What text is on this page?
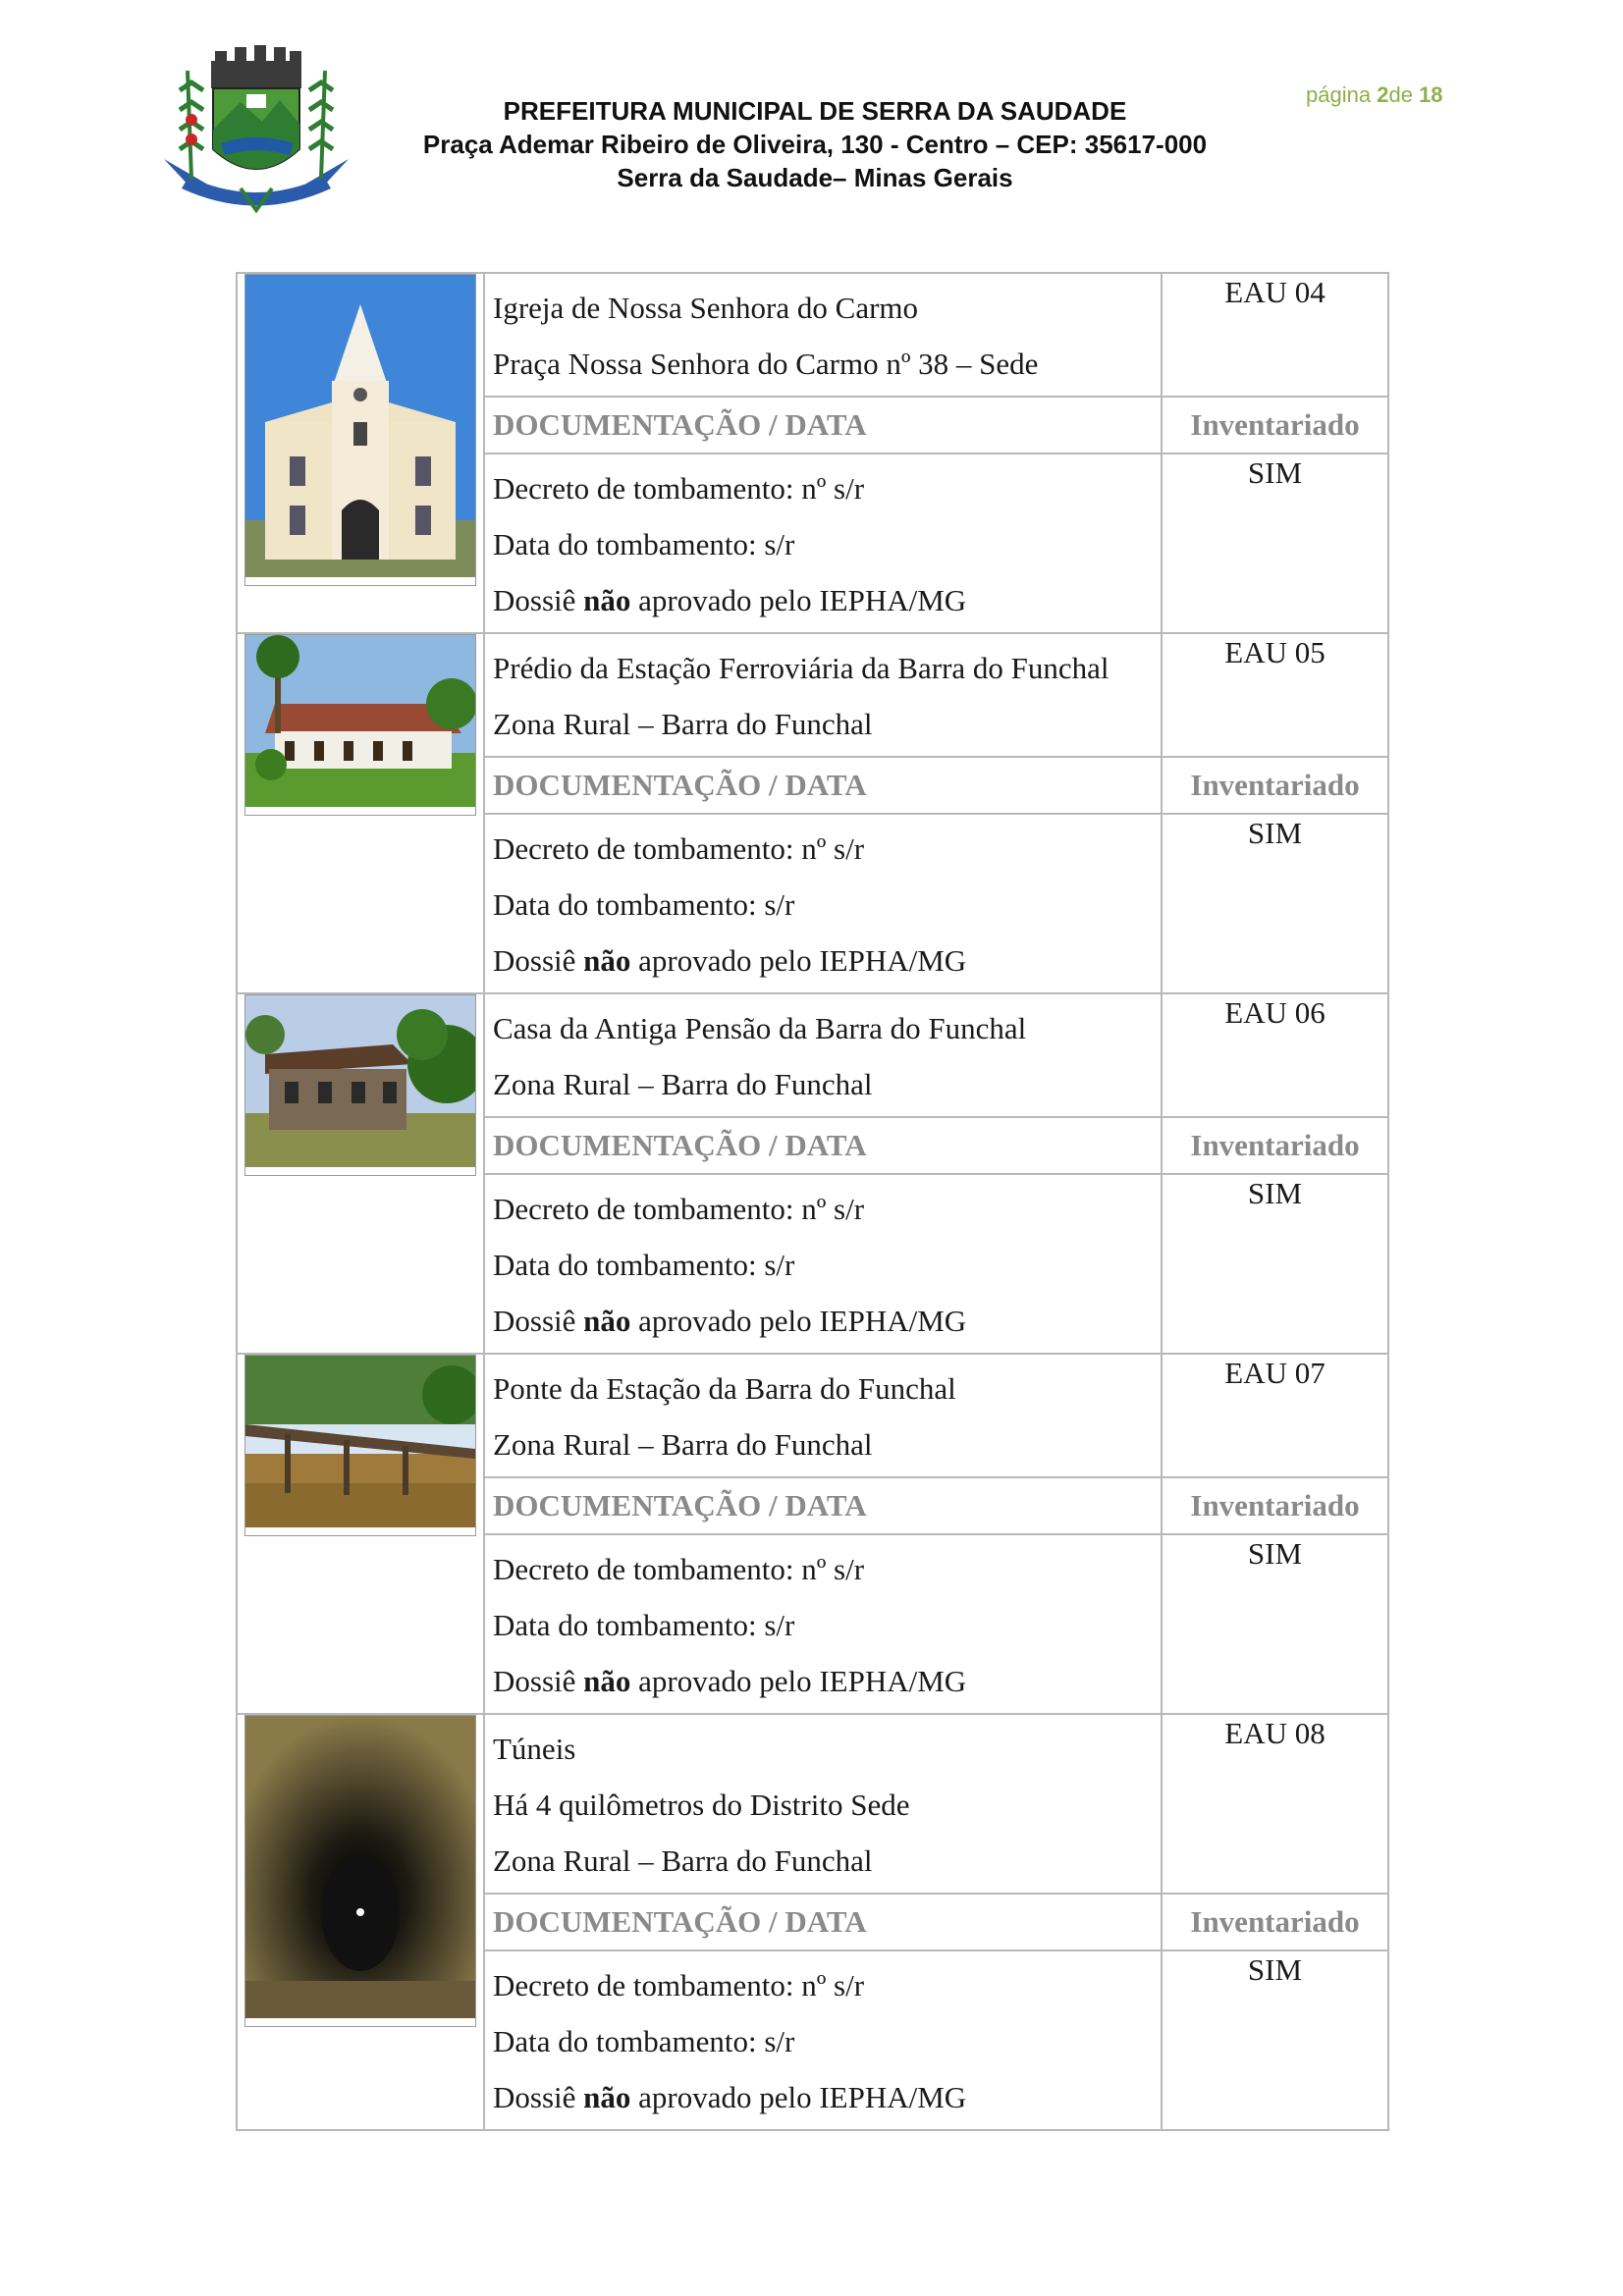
PREFEITURA MUNICIPAL DE SERRA DA SAUDADE
Praça Ademar Ribeiro de Oliveira, 130 - Centro – CEP: 35617-000
Serra da Saudade– Minas Gerais
página 2de 18

Igreja de Nossa Senhora do Carmo
Praça Nossa Senhora do Carmo nº 38 – Sede	EAU 04
	DOCUMENTAÇÃO / DATA	Inventariado

	Decreto de tombamento: nº s/r
Data do tombamento: s/r
Dossiê não aprovado pelo IEPHA/MG	SIM

Prédio da Estação Ferroviária da Barra do Funchal
Zona Rural – Barra do Funchal	EAU 05
	DOCUMENTAÇÃO / DATA	Inventariado

	Decreto de tombamento: nº s/r
Data do tombamento: s/r
Dossiê não aprovado pelo IEPHA/MG	SIM

Casa da Antiga Pensão da Barra do Funchal
Zona Rural – Barra do Funchal	EAU 06
	DOCUMENTAÇÃO / DATA	Inventariado

	Decreto de tombamento: nº s/r
Data do tombamento: s/r
Dossiê não aprovado pelo IEPHA/MG	SIM

Ponte da Estação da Barra do Funchal
Zona Rural – Barra do Funchal	EAU 07
	DOCUMENTAÇÃO / DATA	Inventariado

	Decreto de tombamento: nº s/r
Data do tombamento: s/r
Dossiê não aprovado pelo IEPHA/MG	SIM

Túneis
Há 4 quilômetros do Distrito Sede
Zona Rural – Barra do Funchal	EAU 08
	DOCUMENTAÇÃO / DATA	Inventariado

	Decreto de tombamento: nº s/r
Data do tombamento: s/r
Dossiê não aprovado pelo IEPHA/MG	SIM
